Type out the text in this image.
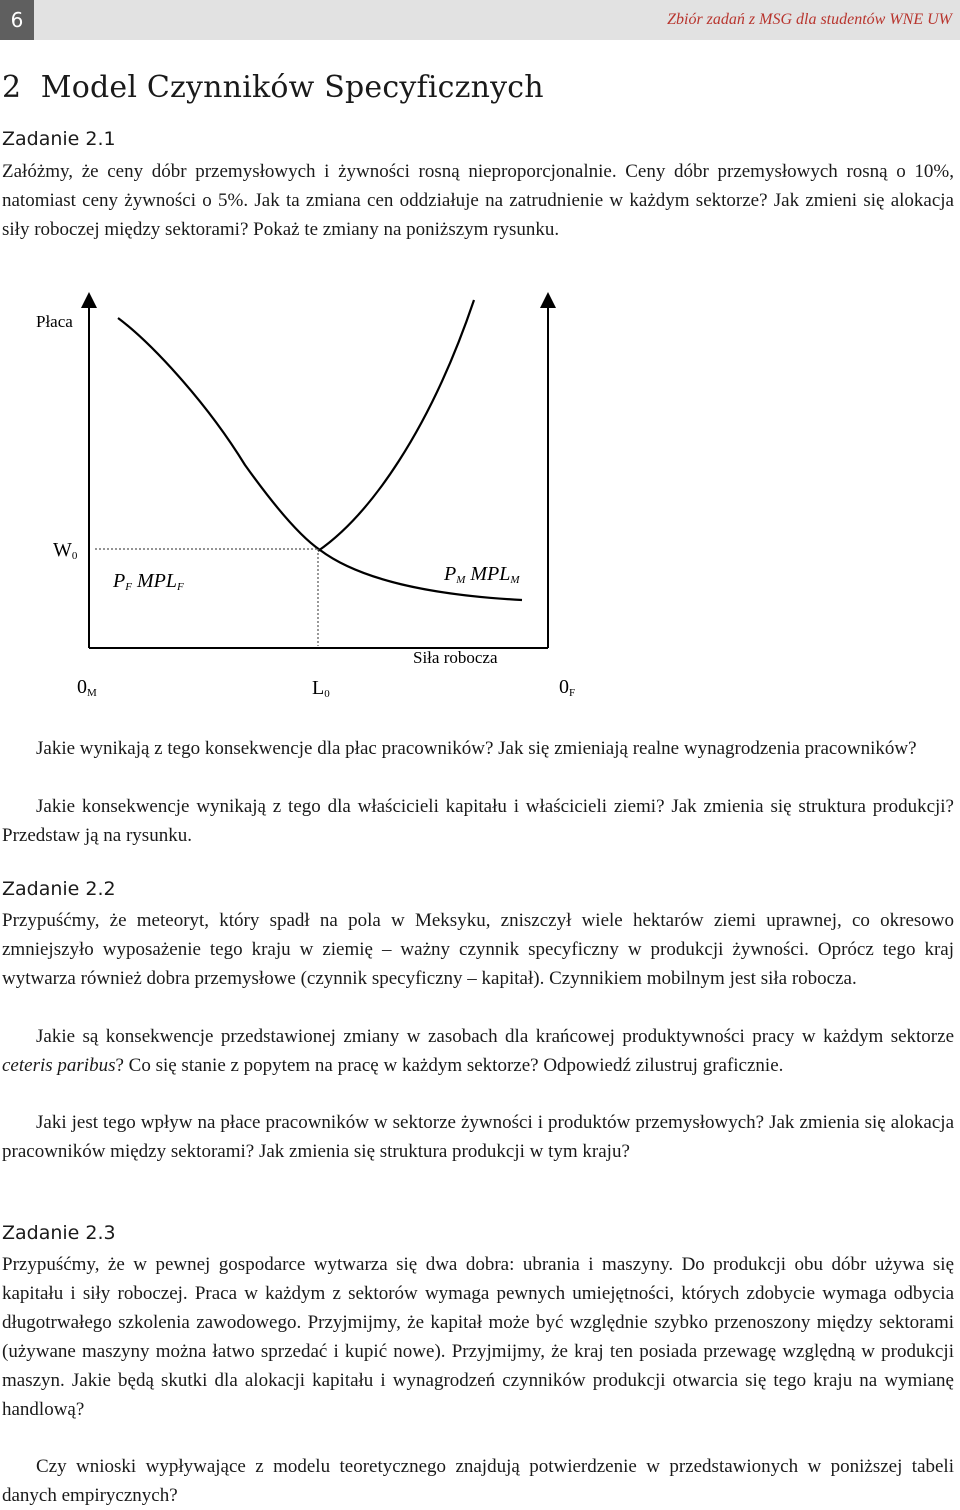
6	Zbiór zadań z MSG dla studentów WNE UW
2 Model Czynników Specyficznych
Zadanie 2.1

Załóżmy, że ceny dóbr przemysłowych i żywności rosną nieproporcjonalnie. Ceny dóbr przemysłowych rosną o 10%, natomiast ceny żywności o 5%. Jak ta zmiana cen oddziałuje na zatrudnienie w każdym sektorze? Jak zmieni się alokacja siły roboczej między sektorami? Pokaż te zmiany na poniższym rysunku.

Płaca
W0
PF MPLF
PM MPLM
Siła robocza
0M	L0	0F

Jakie wynikają z tego konsekwencje dla płac pracowników? Jak się zmieniają realne wynagrodzenia pracowników?

Jakie konsekwencje wynikają z tego dla właścicieli kapitału i właścicieli ziemi? Jak zmienia się struktura produkcji? Przedstaw ją na rysunku.

Zadanie 2.2

Przypuśćmy, że meteoryt, który spadł na pola w Meksyku, zniszczył wiele hektarów ziemi uprawnej, co okresowo zmniejszyło wyposażenie tego kraju w ziemię – ważny czynnik specyficzny w produkcji żywności. Oprócz tego kraj wytwarza również dobra przemysłowe (czynnik specyficzny – kapitał). Czynnikiem mobilnym jest siła robocza.

Jakie są konsekwencje przedstawionej zmiany w zasobach dla krańcowej produktywności pracy w każdym sektorze ceteris paribus? Co się stanie z popytem na pracę w każdym sektorze? Odpowiedź zilustruj graficznie.

Jaki jest tego wpływ na płace pracowników w sektorze żywności i produktów przemysłowych? Jak zmienia się alokacja pracowników między sektorami? Jak zmienia się struktura produkcji w tym kraju?

Zadanie 2.3

Przypuśćmy, że w pewnej gospodarce wytwarza się dwa dobra: ubrania i maszyny. Do produkcji obu dóbr używa się kapitału i siły roboczej. Praca w każdym z sektorów wymaga pewnych umiejętności, których zdobycie wymaga odbycia długotrwałego szkolenia zawodowego. Przyjmijmy, że kapitał może być względnie szybko przenoszony między sektorami (używane maszyny można łatwo sprzedać i kupić nowe). Przyjmijmy, że kraj ten posiada przewagę względną w produkcji maszyn. Jakie będą skutki dla alokacji kapitału i wynagrodzeń czynników produkcji otwarcia się tego kraju na wymianę handlową?

Czy wnioski wypływające z modelu teoretycznego znajdują potwierdzenie w przedstawionych w poniższej tabeli danych empirycznych?
